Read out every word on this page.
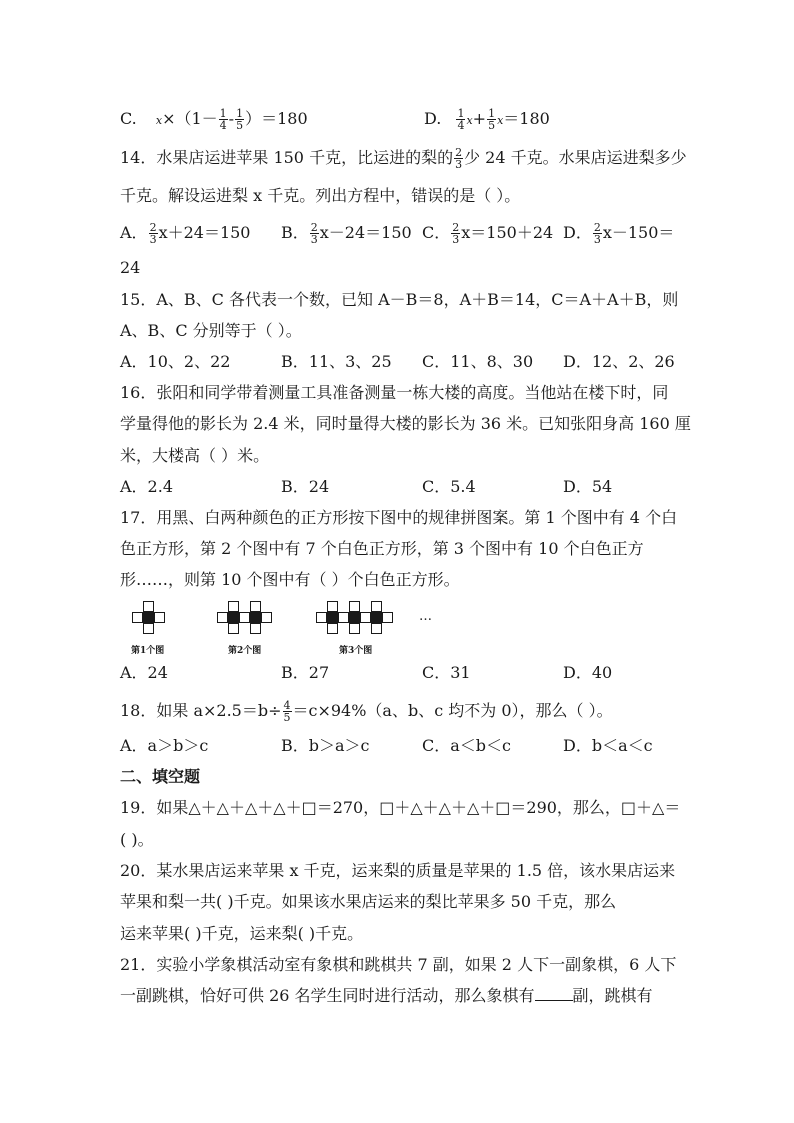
C. $x\times(1- \frac{1}{4} - \frac{1}{5} )=180$	D. $\frac{1}{4} x+ \frac{1}{5} x=180$
14．水果店运进苹果 150 千克，比运进的梨的 $\frac{2}{3}$ 少 24 千克。水果店运进梨多少
千克。解设运进梨 x 千克。列出方程中，错误的是（ ）。
A． $\frac{2}{3} x+24=150$ B． $\frac{2}{3} x-24=150$ C． $\frac{2}{3} x=150+24$ D． $\frac{2}{3} x-150=$
24
15．A、B、C 各代表一个数，已知 A－B＝8，A＋B＝14，C＝A＋A＋B，则
A、B、C 分别等于（ ）。
A．10、2、22	B．11、3、25 C．11、8、30 D．12、2、26
16．张阳和同学带着测量工具准备测量一栋大楼的高度。当他站在楼下时，同
学量得他的影长为 2.4 米，同时量得大楼的影长为 36 米。已知张阳身高 160 厘
米，大楼高（ ）米。
A．2.4	B．24	C．5.4	D．54
17．用黑、白两种颜色的正方形按下图中的规律拼图案。第 1 个图中有 4 个白
色正方形，第 2 个图中有 7 个白色正方形，第 3 个图中有 10 个白色正方
形……，则第 10 个图中有（ ）个白色正方形。
第1个图	第2个图	第3个图
…
A．24	B．27	C．31	D．40
18．如果 $a\times 2.5=b\div \frac{4}{5} =c\times 94\%(a$、b、c 均不为 0），那么（ ）。
A．a＞b＞c	B．b＞a＞c	C．a＜b＜c	D．b＜a＜c
二、填空题
19．如果△＋△＋△＋△＋□＝270，□＋△＋△＋△＋□＝290，那么，□＋△＝
( )。
20．某水果店运来苹果 x 千克，运来梨的质量是苹果的 1.5 倍，该水果店运来
苹果和梨一共( )千克。如果该水果店运来的梨比苹果多 50 千克，那么
运来苹果( )千克，运来梨( )千克。
21．实验小学象棋活动室有象棋和跳棋共 7 副，如果 2 人下一副象棋，6 人下
一副跳棋，恰好可供 26 名学生同时进行活动，那么象棋有 副，跳棋有
